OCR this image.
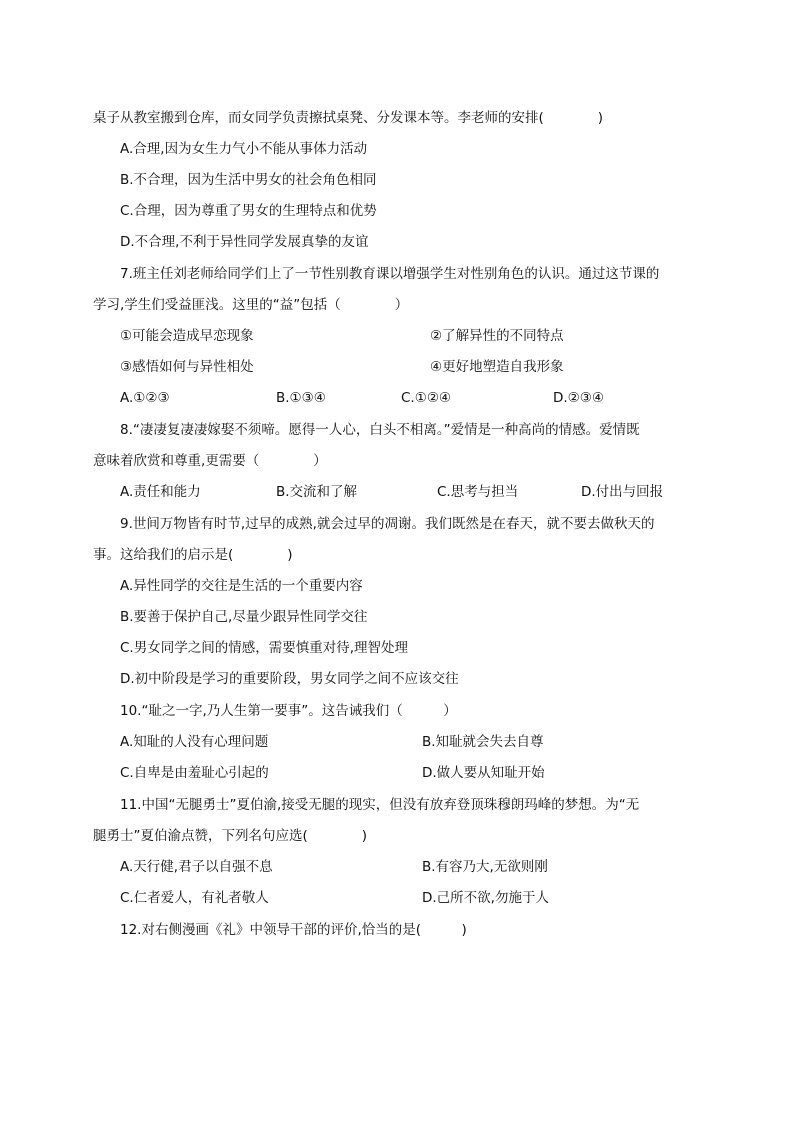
桌子从教室搬到仓库，而女同学负责擦拭桌凳、分发课本等。李老师的安排(　　　　)
A.合理,因为女生力气小不能从事体力活动
B.不合理，因为生活中男女的社会角色相同
C.合理，因为尊重了男女的生理特点和优势
D.不合理,不利于异性同学发展真挚的友谊
7.班主任刘老师给同学们上了一节性别教育课以增强学生对性别角色的认识。通过这节课的
学习,学生们受益匪浅。这里的“益”包括（　　　　）
①可能会造成早恋现象	②了解异性的不同特点
③感悟如何与异性相处	④更好地塑造自我形象
A.①②③	B.①③④	C.①②④	D.②③④
8.“凄凄复凄凄嫁娶不须啼。愿得一人心，白头不相离。”爱情是一种高尚的情感。爱情既
意味着欣赏和尊重,更需要（　　　　）
A.责任和能力	B.交流和了解	C.思考与担当	D.付出与回报
9.世间万物皆有时节,过早的成熟,就会过早的凋谢。我们既然是在春天，就不要去做秋天的
事。这给我们的启示是(　　　　)
A.异性同学的交往是生活的一个重要内容
B.要善于保护自己,尽量少跟异性同学交往
C.男女同学之间的情感，需要慎重对待,理智处理
D.初中阶段是学习的重要阶段，男女同学之间不应该交往
10.“耻之一字,乃人生第一要事”。这告诫我们（　　　）
A.知耻的人没有心理问题	B.知耻就会失去自尊
C.自卑是由羞耻心引起的	D.做人要从知耻开始
11.中国“无腿勇士”夏伯渝,接受无腿的现实，但没有放弃登顶珠穆朗玛峰的梦想。为“无
腿勇士”夏伯渝点赞，下列名句应选(　　　　)
A.天行健,君子以自强不息	B.有容乃大,无欲则刚
C.仁者爱人，有礼者敬人	D.己所不欲,勿施于人
12.对右侧漫画《礼》中领导干部的评价,恰当的是(　　　)
